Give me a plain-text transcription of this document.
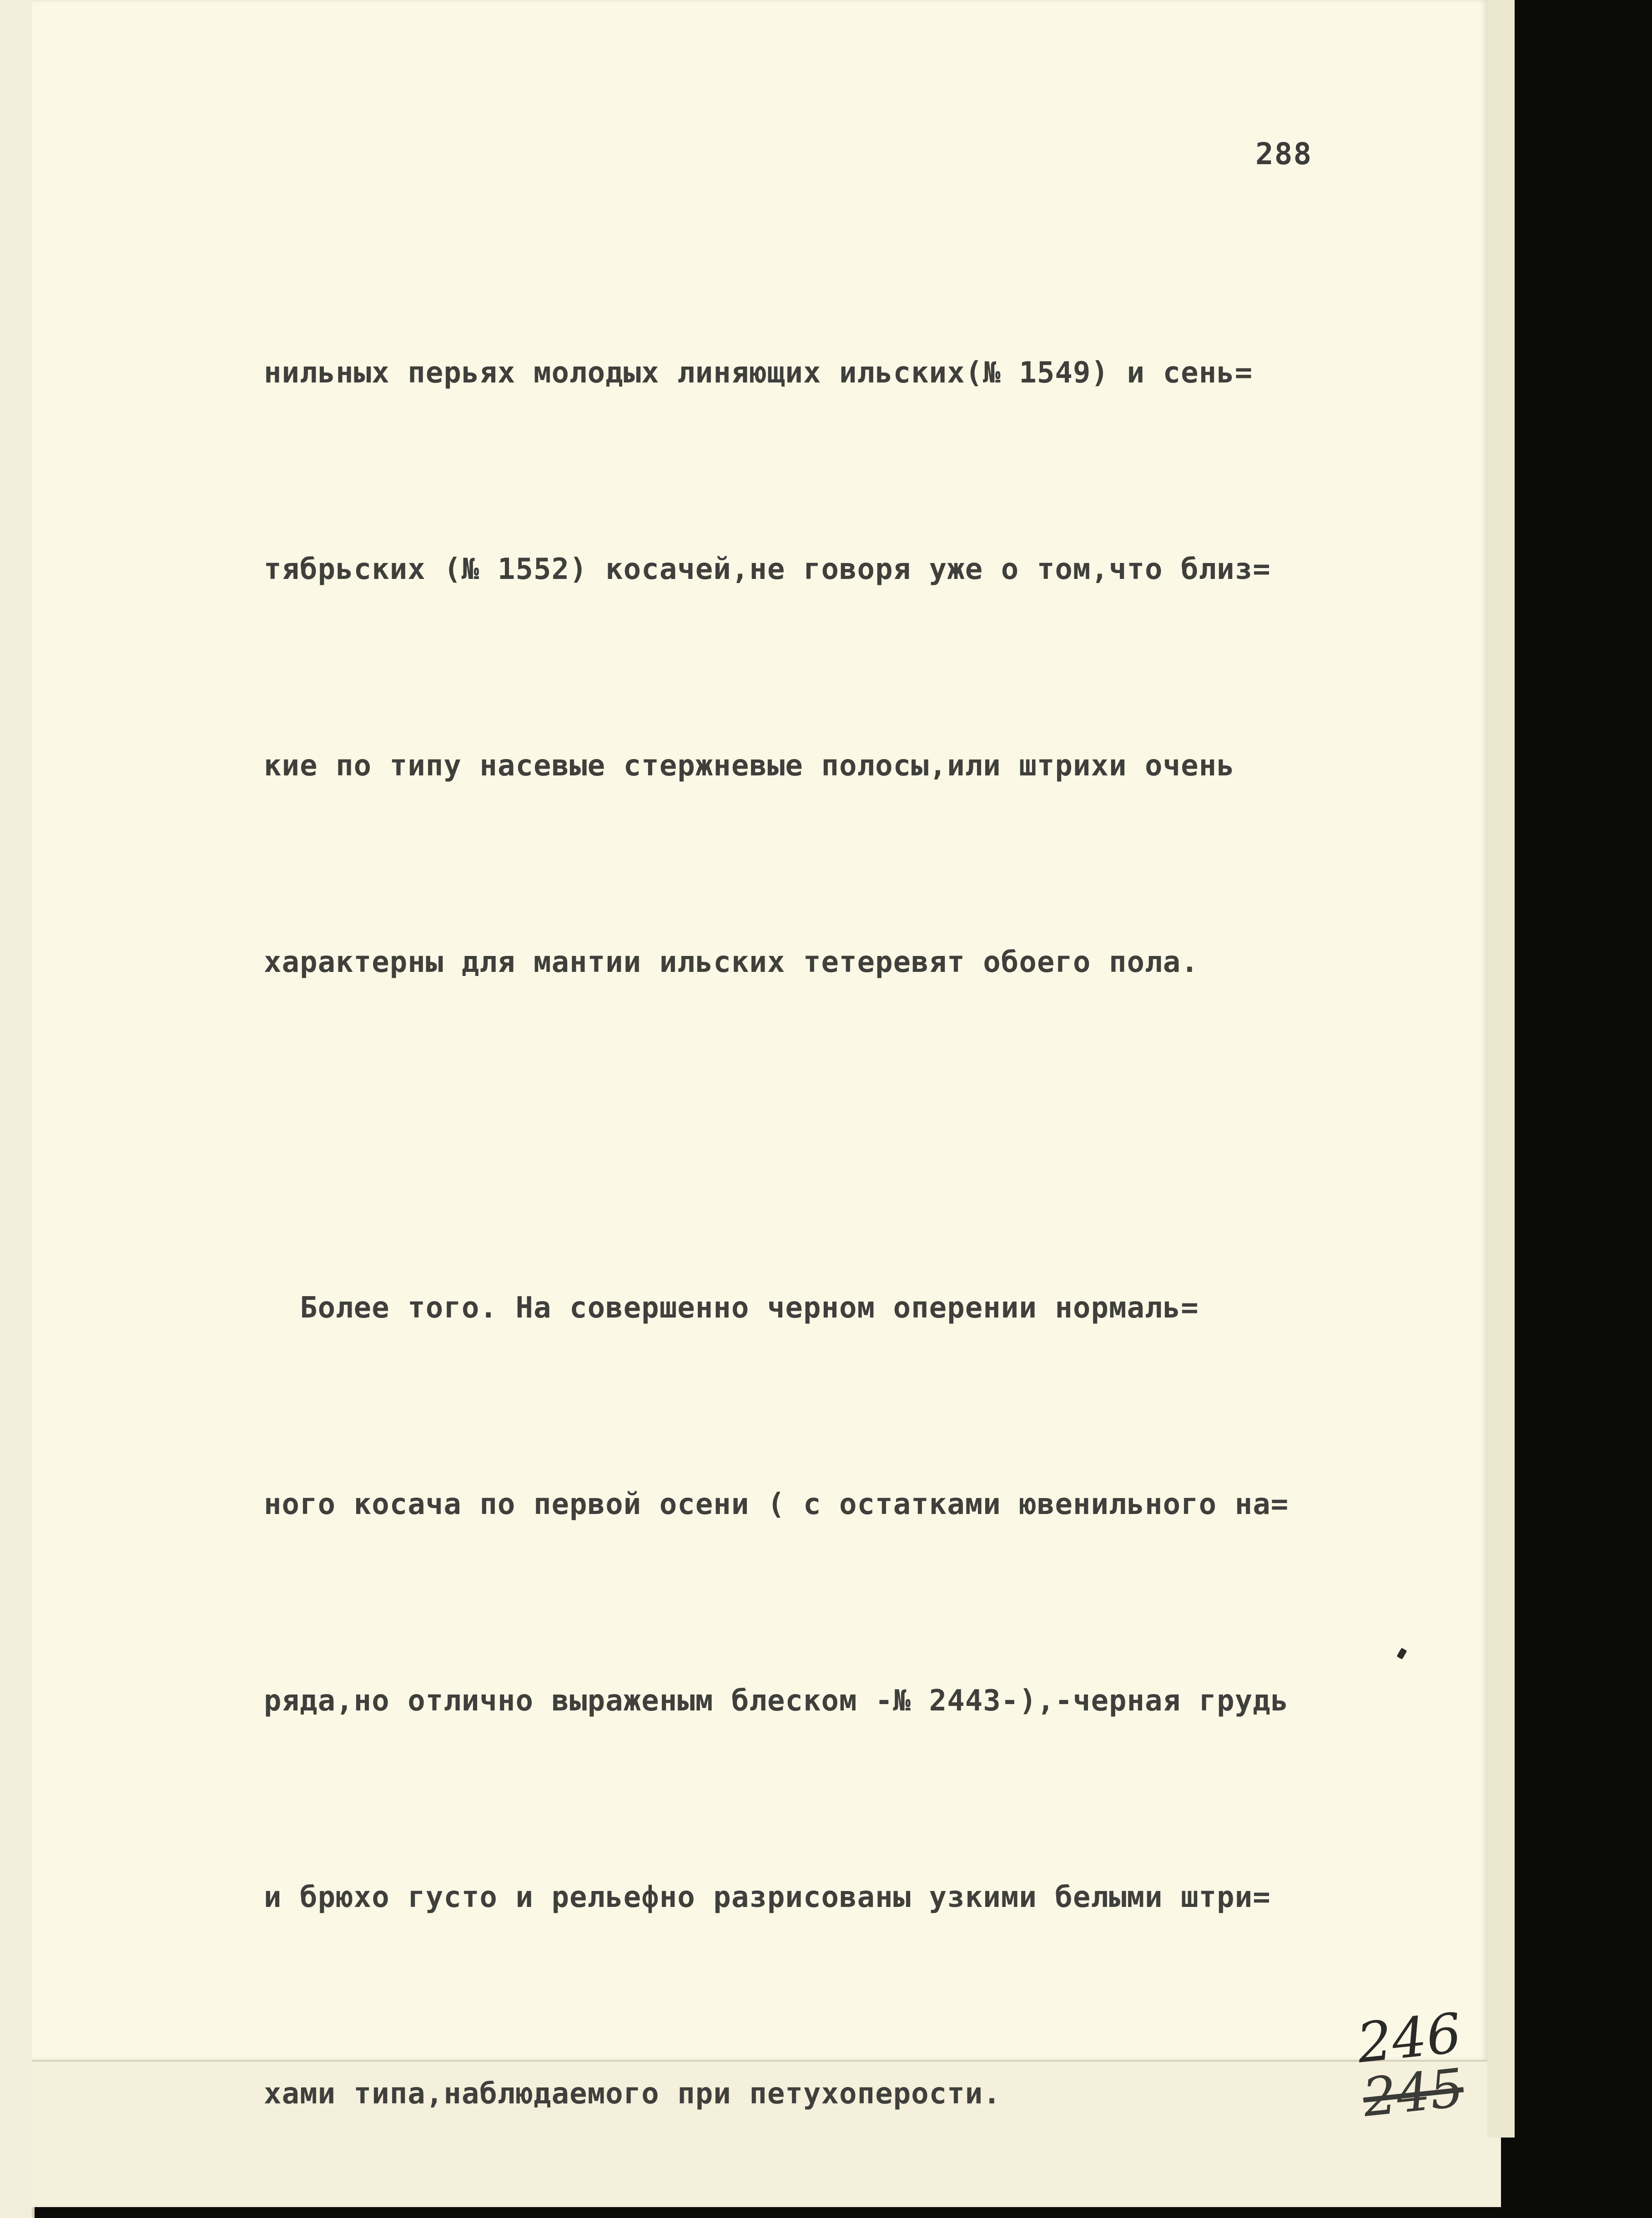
288

нильных перьях молодых линяющих ильских(№ 1549) и сень=

тябрьских (№ 1552) косачей,не говоря уже о том,что близ=

кие по типу насевые стержневые полосы,или штрихи очень

характерны для мантии ильских тетеревят обоего пола.

Более того. На совершенно черном оперении нормаль=

ного косача по первой осени ( с остатками ювенильного на=

ряда,но отлично выраженым блеском -№ 2443-),-черная грудь

и брюхо густо и рельефно разрисованы узкими белыми штри=

хами типа,наблюдаемого при петухоперости.

246
245
